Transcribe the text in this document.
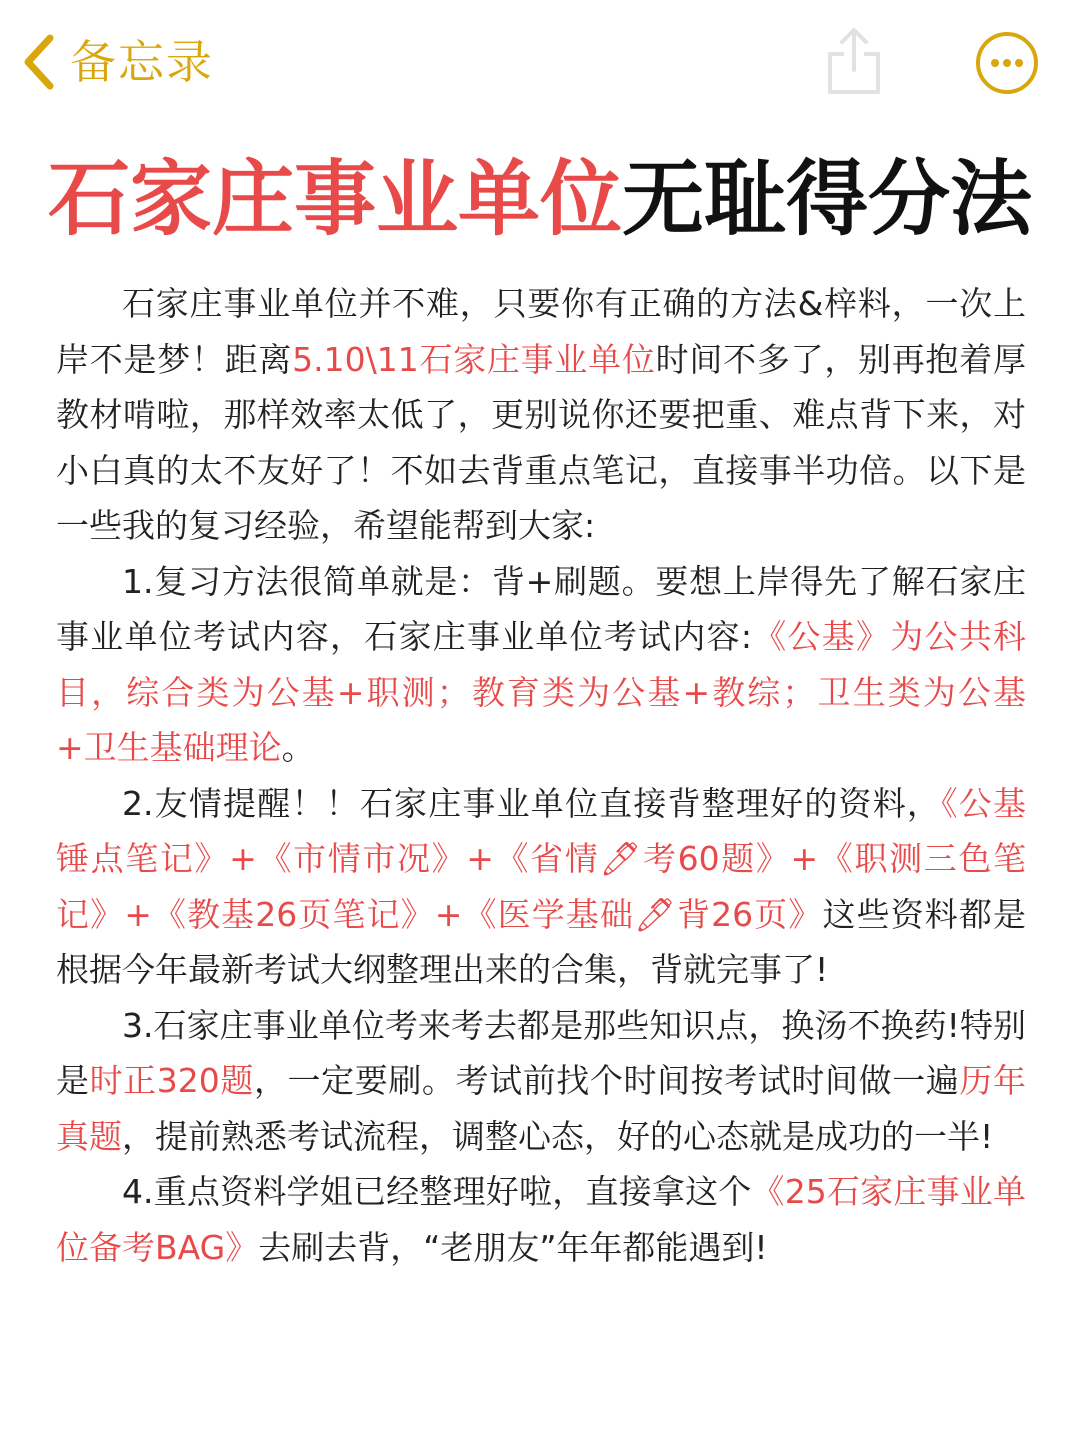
备忘录
石家庄事业单位无耻得分法

石家庄事业单位并不难，只要你有正确的方法&梓料，一次上岸不是梦！距离5.10\11石家庄事业单位时间不多了，别再抱着厚教材啃啦，那样效率太低了，更别说你还要把重、难点背下来，对小白真的太不友好了！不如去背重点笔记，直接事半功倍。以下是一些我的复习经验，希望能帮到大家:

1.复习方法很简单就是：背+刷题。要想上岸得先了解石家庄事业单位考试内容，石家庄事业单位考试内容:《公基》为公共科目，综合类为公基+职测；教育类为公基+教综；卫生类为公基+卫生基础理论。

2.友情提醒！！石家庄事业单位直接背整理好的资料，《公基锤点笔记》+《市情市况》+《省情🖊考60题》+《职测三色笔记》+《教基26页笔记》+《医学基础🖊背26页》这些资料都是根据今年最新考试大纲整理出来的合集，背就完事了!

3.石家庄事业单位考来考去都是那些知识点，换汤不换药!特别是时正320题，一定要刷。考试前找个时间按考试时间做一遍历年真题，提前熟悉考试流程，调整心态，好的心态就是成功的一半!

4.重点资料学姐已经整理好啦，直接拿这个《25石家庄事业单位备考BAG》去刷去背，“老朋友”年年都能遇到!
